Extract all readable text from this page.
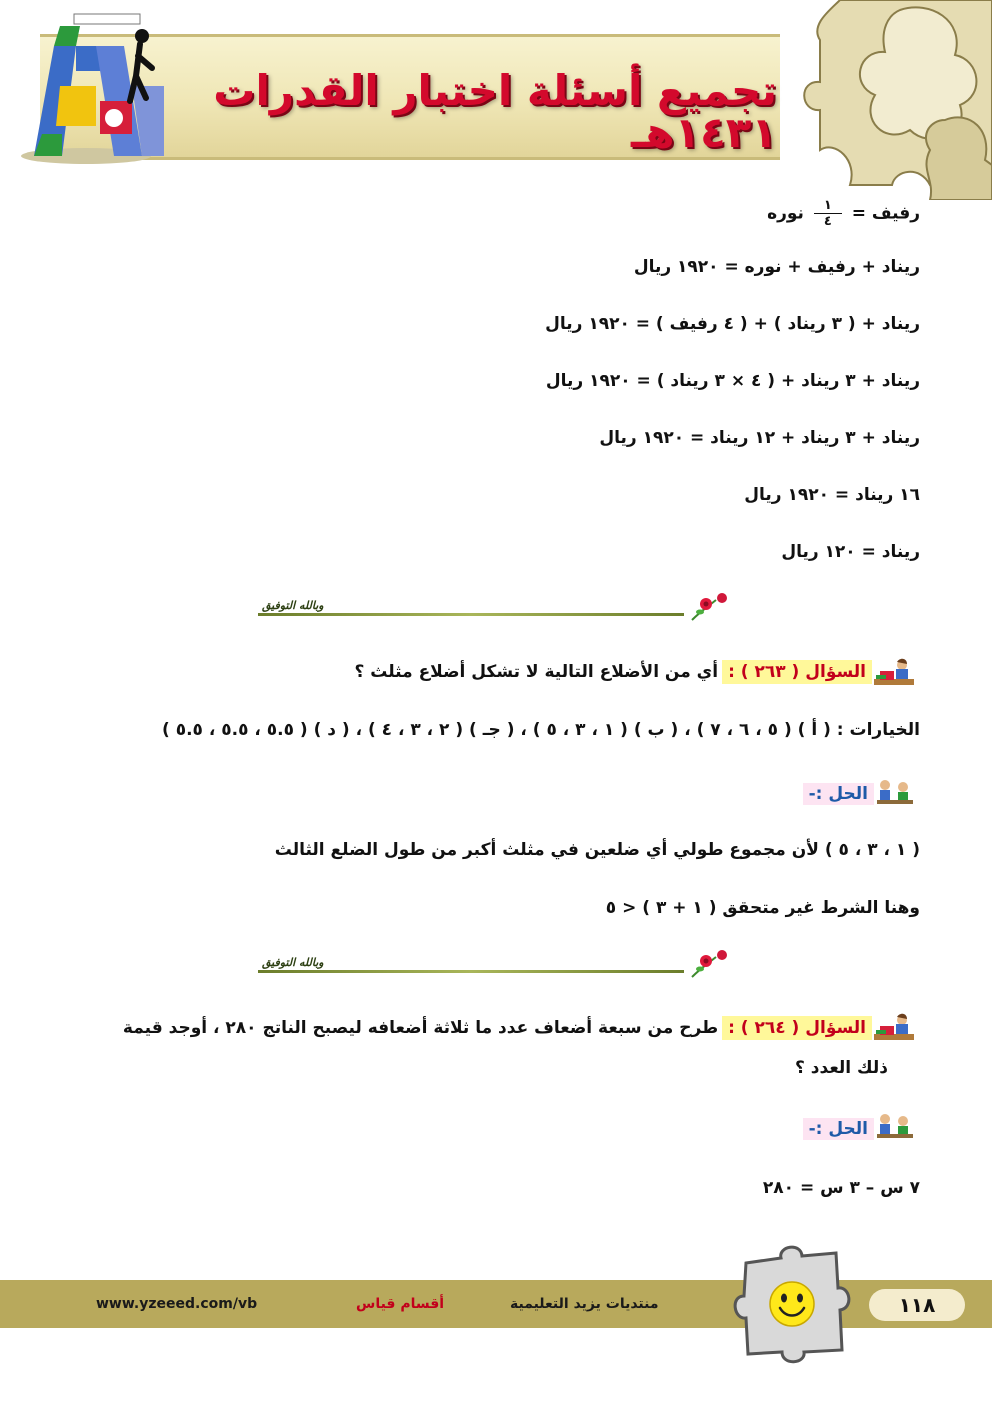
تجميع أسئلة اختبار القدرات ١٤٣١هـ
رفيف =
$\frac{١}{٤}$
نوره
ريناد + رفيف + نوره = ١٩٢٠ ريال
ريناد + ( ٣ ريناد ) + ( ٤ رفيف ) = ١٩٢٠ ريال
ريناد + ٣ ريناد + ( ٤ × ٣ ريناد ) = ١٩٢٠ ريال
ريناد + ٣ ريناد + ١٢ ريناد = ١٩٢٠ ريال
١٦ ريناد = ١٩٢٠ ريال
ريناد = ١٢٠ ريال
وبالله التوفيق
السؤال ( ٢٦٣ ) :أي من الأضلاع التالية لا تشكل أضلاع مثلث ؟
الخيارات : ( أ ) ( ٥ ، ٦ ، ٧ ) ، ( ب ) ( ١ ، ٣ ، ٥ ) ، ( جـ ) ( ٢ ، ٣ ، ٤ ) ، ( د ) ( ٥.٥ ، ٥.٥ ، ٥.٥ )
الحل :-
( ١ ، ٣ ، ٥ ) لأن مجموع طولي أي ضلعين في مثلث أكبر من طول الضلع الثالث
وهنا الشرط غير متحقق ( ١ + ٣ ) < ٥
وبالله التوفيق
السؤال ( ٢٦٤ ) :طرح من سبعة أضعاف عدد ما ثلاثة أضعافه ليصبح الناتج ٢٨٠ ، أوجد قيمة
ذلك العدد ؟
الحل :-
٧ س – ٣ س = ٢٨٠
www.yzeeed.com/vb	أقسام قياس	منتديات يزيد التعليمية	١١٨
